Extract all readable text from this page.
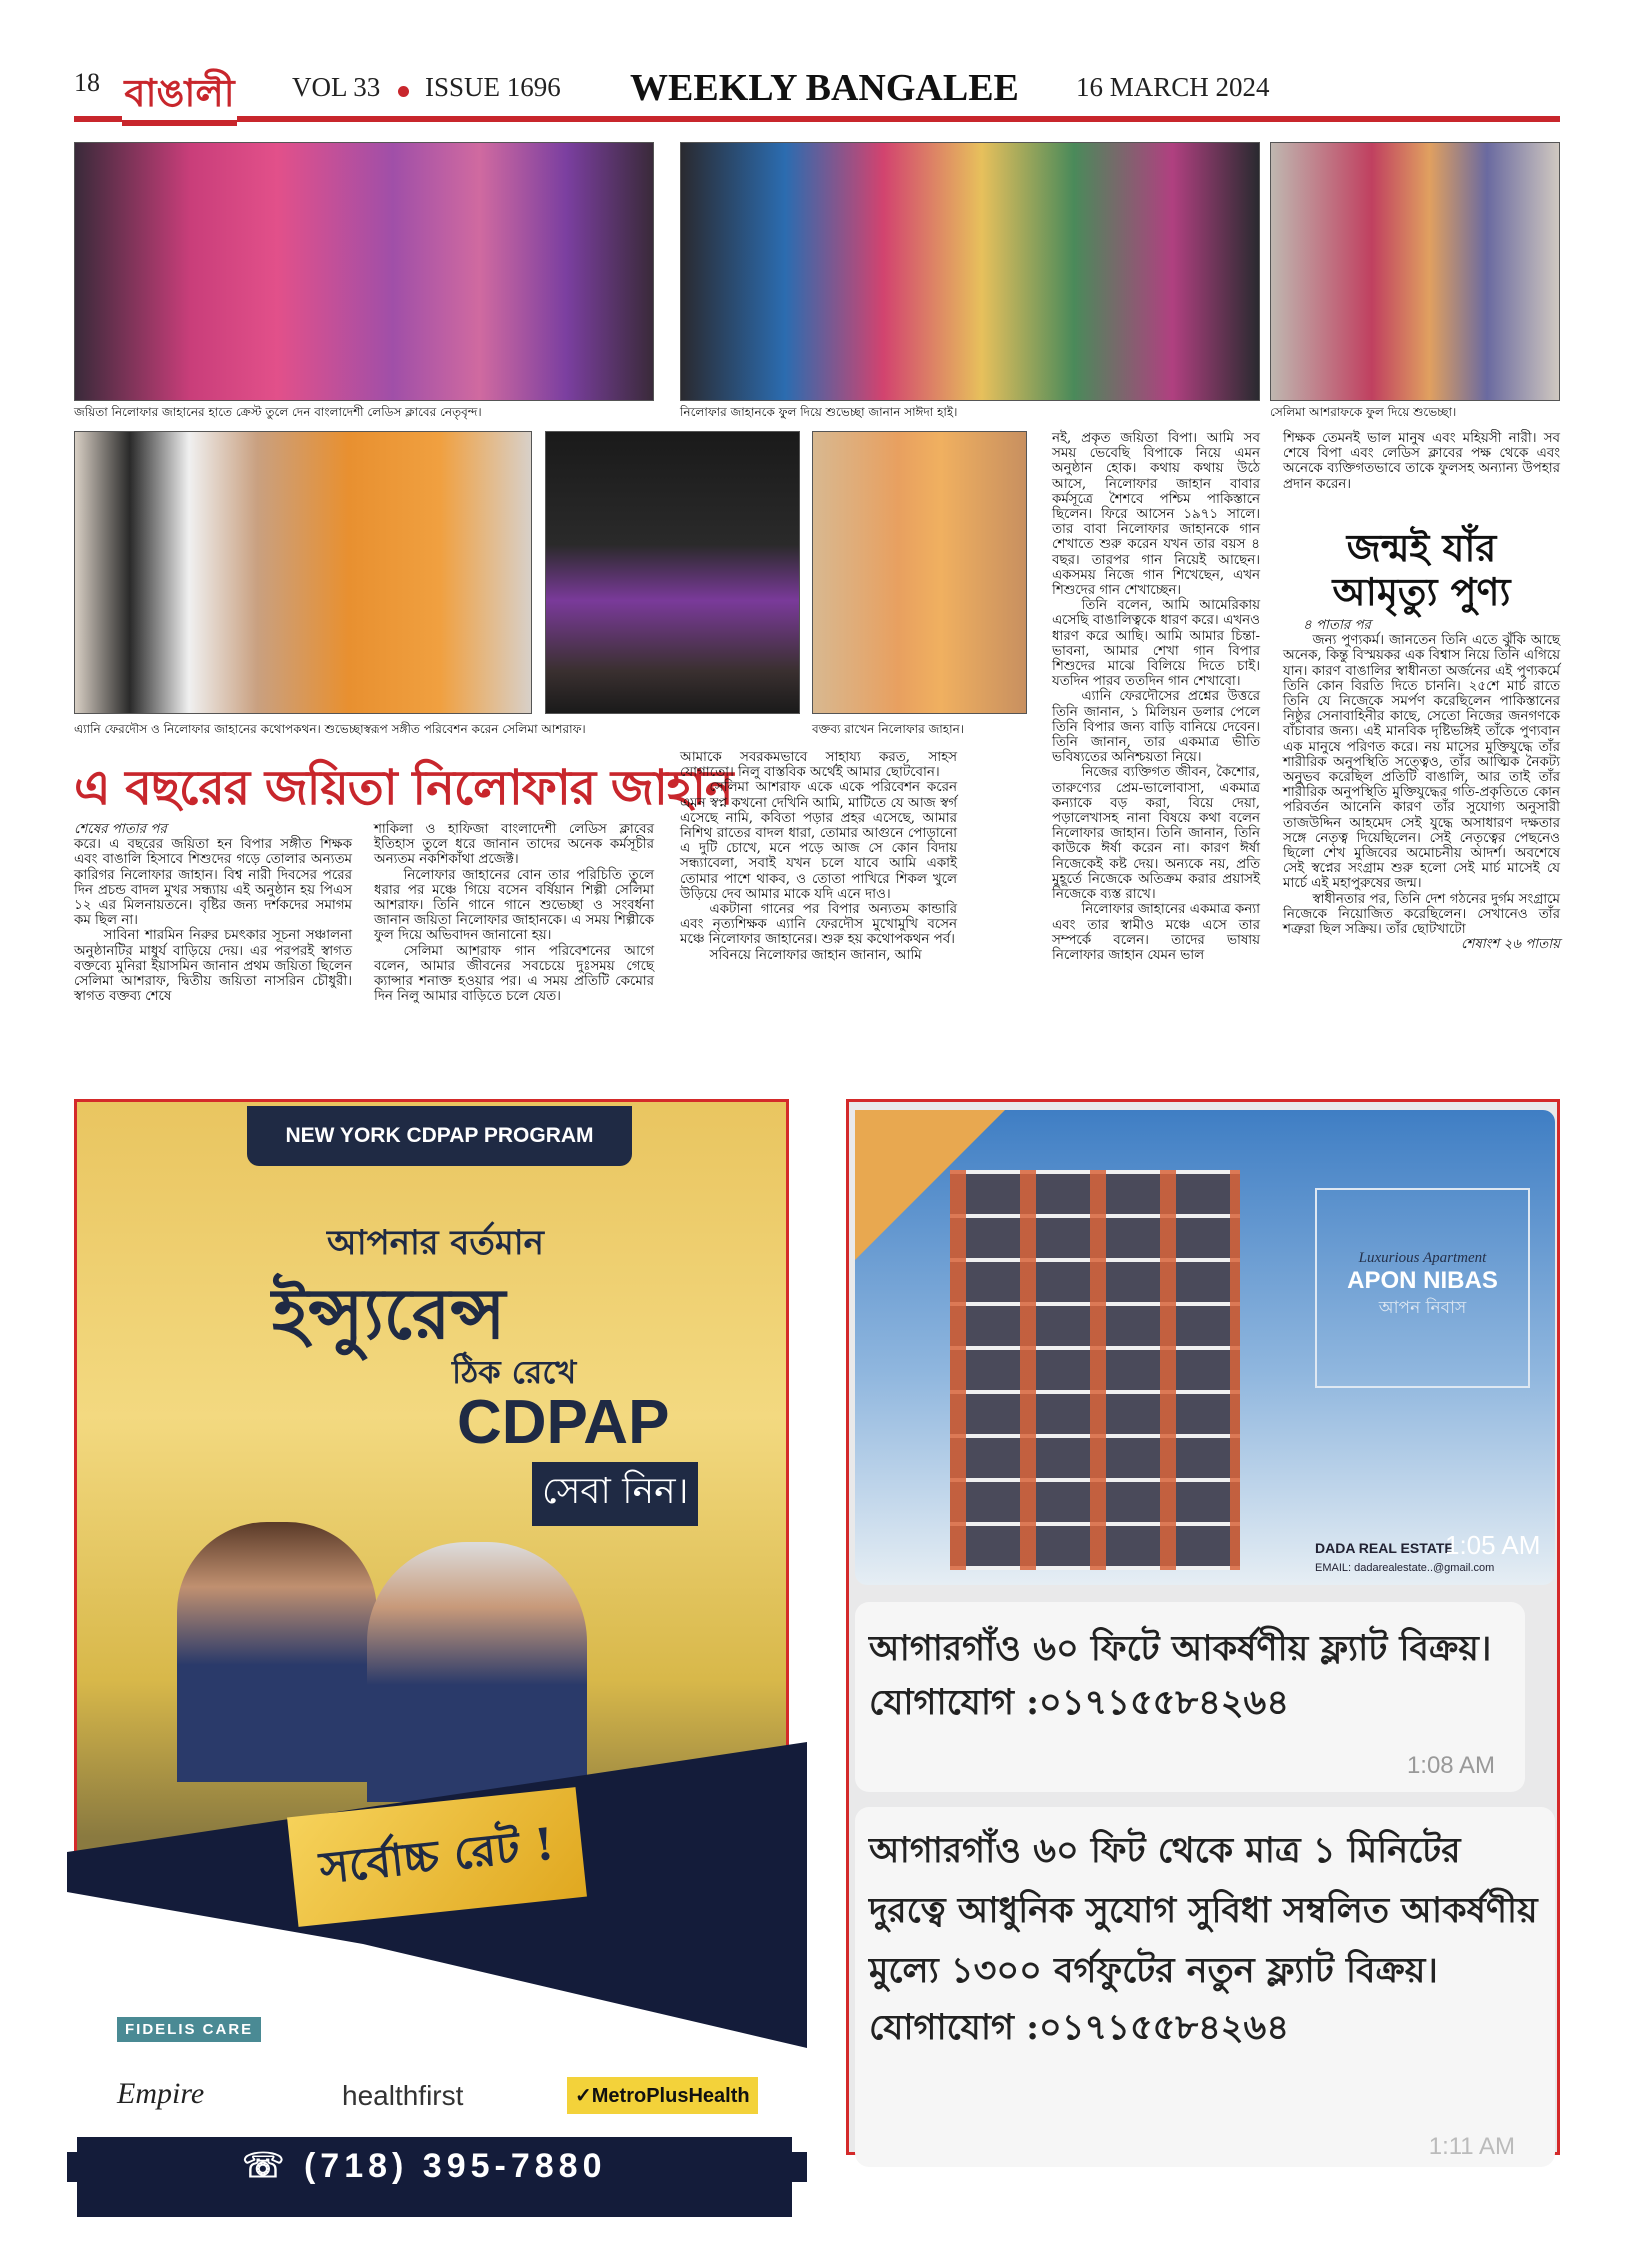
18 বাঙালী VOL 33 ISSUE 1696 WEEKLY BANGALEE 16 MARCH 2024
জয়িতা নিলোফার জাহানের হাতে ক্রেস্ট তুলে দেন বাংলাদেশী লেডিস ক্লাবের নেতৃবৃন্দ।	নিলোফার জাহানকে ফুল দিয়ে শুভেচ্ছা জানান সাঈদা হাই।	সেলিমা আশরাফকে ফুল দিয়ে শুভেচ্ছা।
এ্যানি ফেরদৌস ও নিলোফার জাহানের কথোপকথন। শুভেচ্ছাস্বরূপ সঙ্গীত পরিবেশন করেন সেলিমা আশরাফ।	বক্তব্য রাখেন নিলোফার জাহান।
এ বছরের জয়িতা নিলোফার জাহান

শেষের পাতার পর

করে। এ বছরের জয়িতা হন বিপার সঙ্গীত শিক্ষক এবং বাঙালি হিসাবে শিশুদের গড়ে তোলার অন্যতম কারিগর নিলোফার জাহান। বিশ্ব নারী দিবসের পরের দিন প্রচন্ড বাদল মুখর সন্ধ্যায় এই অনুষ্ঠান হয় পিএস ১২ এর মিলনায়তনে। বৃষ্টির জন্য দর্শকদের সমাগম কম ছিল না।

সাবিনা শারমিন নিরুর চমৎকার সূচনা সঞ্চালনা অনুষ্ঠানটির মাধুর্য বাড়িয়ে দেয়। এর পরপরই স্বাগত বক্তব্যে মুনিরা ইয়াসমিন জানান প্রথম জয়িতা ছিলেন সেলিমা আশরাফ, দ্বিতীয় জয়িতা নাসরিন চৌধুরী। স্বাগত বক্তব্য শেষে

শাকিলা ও হাফিজা বাংলাদেশী লেডিস ক্লাবের ইতিহাস তুলে ধরে জানান তাদের অনেক কর্মসূচীর অন্যতম নকশিকাঁথা প্রজেক্ট।

নিলোফার জাহানের বোন তার পরিচিতি তুলে ধরার পর মঞ্চে গিয়ে বসেন বর্ষিয়ান শিল্পী সেলিমা আশরাফ। তিনি গানে গানে শুভেচ্ছা ও সংবর্ধনা জানান জয়িতা নিলোফার জাহানকে। এ সময় শিল্পীকে ফুল দিয়ে অভিবাদন জানানো হয়।

সেলিমা আশরাফ গান পরিবেশনের আগে বলেন, আমার জীবনের সবচেয়ে দুঃসময় গেছে ক্যান্সার শনাক্ত হওয়ার পর। এ সময় প্রতিটি কেমোর দিন নিলু আমার বাড়িতে চলে যেত।

আমাকে সবরকমভাবে সাহায্য করত, সাহস যোগাতো। নিলু বাস্তবিক অর্থেই আমার ছোটবোন।

সেলিমা আশরাফ একে একে পরিবেশন করেন এমন স্বপ্ন কখনো দেখিনি আমি, মাটিতে যে আজ স্বর্গ এসেছে নামি, কবিতা পড়ার প্রহর এসেছে, আমার নিশিথ রাতের বাদল ধারা, তোমার আগুনে পোড়ানো এ দুটি চোখে, মনে পড়ে আজ সে কোন বিদায় সন্ধ্যাবেলা, সবাই যখন চলে যাবে আমি একাই তোমার পাশে থাকব, ও তোতা পাখিরে শিকল খুলে উড়িয়ে দেব আমার মাকে যদি এনে দাও।

একটানা গানের পর বিপার অন্যতম কান্ডারি এবং নৃত্যশিক্ষক এ্যানি ফেরদৌস মুখোমুখি বসেন মঞ্চে নিলোফার জাহানের। শুরু হয় কথোপকথন পর্ব।

সবিনয়ে নিলোফার জাহান জানান, আমি

নই, প্রকৃত জয়িতা বিপা। আমি সব সময় ভেবেছি বিপাকে নিয়ে এমন অনুষ্ঠান হোক। কথায় কথায় উঠে আসে, নিলোফার জাহান বাবার কর্মসূত্রে শৈশবে পশ্চিম পাকিস্তানে ছিলেন। ফিরে আসেন ১৯৭১ সালে। তার বাবা নিলোফার জাহানকে গান শেখাতে শুরু করেন যখন তার বয়স ৪ বছর। তারপর গান নিয়েই আছেন। একসময় নিজে গান শিখেছেন, এখন শিশুদের গান শেখাচ্ছেন।

তিনি বলেন, আমি আমেরিকায় এসেছি বাঙালিত্বকে ধারণ করে। এখনও ধারণ করে আছি। আমি আমার চিন্তা-ভাবনা, আমার শেখা গান বিপার শিশুদের মাঝে বিলিয়ে দিতে চাই। যতদিন পারব ততদিন গান শেখাবো।

এ্যানি ফেরদৌসের প্রশ্নের উত্তরে তিনি জানান, ১ মিলিয়ন ডলার পেলে তিনি বিপার জন্য বাড়ি বানিয়ে দেবেন। তিনি জানান, তার একমাত্র ভীতি ভবিষ্যতের অনিশ্চয়তা নিয়ে।

নিজের ব্যক্তিগত জীবন, কৈশোর, তারুণ্যের প্রেম-ভালোবাসা, একমাত্র কন্যাকে বড় করা, বিয়ে দেয়া, পড়ালেখাসহ নানা বিষয়ে কথা বলেন নিলোফার জাহান। তিনি জানান, তিনি কাউকে ঈর্ষা করেন না। কারণ ঈর্ষা নিজেকেই কষ্ট দেয়। অন্যকে নয়, প্রতি মুহূর্তে নিজেকে অতিক্রম করার প্রয়াসই নিজেকে ব্যস্ত রাখে।

নিলোফার জাহানের একমাত্র কন্যা এবং তার স্বামীও মঞ্চে এসে তার সম্পর্কে বলেন। তাদের ভাষায় নিলোফার জাহান যেমন ভাল

শিক্ষক তেমনই ভাল মানুষ এবং মহিয়সী নারী। সব শেষে বিপা এবং লেডিস ক্লাবের পক্ষ থেকে এবং অনেকে ব্যক্তিগতভাবে তাকে ফুলসহ অন্যান্য উপহার প্রদান করেন।

জন্মই যাঁর
আমৃত্যু পুণ্য

৪ পাতার পর

জন্য পুণ্যকর্ম। জানতেন তিনি এতে ঝুঁকি আছে অনেক, কিন্তু বিস্ময়কর এক বিশ্বাস নিয়ে তিনি এগিয়ে যান। কারণ বাঙালির স্বাধীনতা অর্জনের এই পুণ্যকর্মে তিনি কোন বিরতি দিতে চাননি। ২৫শে মার্চ রাতে তিনি যে নিজেকে সমর্পণ করেছিলেন পাকিস্তানের নিষ্ঠুর সেনাবাহিনীর কাছে, সেতো নিজের জনগণকে বাঁচাবার জন্য। এই মানবিক দৃষ্টিভঙ্গিই তাঁকে পুণ্যবান এক মানুষে পরিণত করে। নয় মাসের মুক্তিযুদ্ধে তাঁর শারীরিক অনুপস্থিতি সত্ত্বেও, তাঁর আত্মিক নৈকট্য অনুভব করেছিল প্রতিটি বাঙালি, আর তাই তাঁর শারীরিক অনুপস্থিতি মুক্তিযুদ্ধের গতি-প্রকৃতিতে কোন পরিবর্তন আনেনি কারণ তাঁর সুযোগ্য অনুসারী তাজউদ্দিন আহমেদ সেই যুদ্ধে অসাধারণ দক্ষতার সঙ্গে নেতৃত্ব দিয়েছিলেন। সেই নেতৃত্বের পেছনেও ছিলো শেখ মুজিবের অমোচনীয় আদর্শ। অবশেষে সেই স্বপ্নের সংগ্রাম শুরু হলো সেই মার্চ মাসেই যে মার্চে এই মহাপুরুষের জন্ম।

স্বাধীনতার পর, তিনি দেশ গঠনের দুর্গম সংগ্রামে নিজেকে নিয়োজিত করেছিলেন। সেখানেও তাঁর শত্রুরা ছিল সক্রিয়। তাঁর ছোটখাটো

শেষাংশ ২৬ পাতায়

NEW YORK CDPAP PROGRAM
আপনার বর্তমান
ইন্স্যুরেন্স
ঠিক রেখে
CDPAP
সেবা নিন।
সর্বোচ্চ রেট !
FIDELIS CARE
Empire	healthfirst	✓MetroPlusHealth
☏ (718) 395-7880
Luxurious Apartment
APON NIBAS
আপন নিবাস
DADA REAL ESTATE
EMAIL: dadarealestate..@gmail.com
1:05 AM
আগারগাঁও ৬০ ফিটে আকর্ষণীয় ফ্ল্যাট বিক্রয়। যোগাযোগ :০১৭১৫৫৮৪২৬৪
1:08 AM
আগারগাঁও ৬০ ফিট থেকে মাত্র ১ মিনিটের দুরত্বে আধুনিক সুযোগ সুবিধা সম্বলিত আকর্ষণীয় মুল্যে ১৩০০ বর্গফুটের নতুন ফ্ল্যাট বিক্রয়।
যোগাযোগ :০১৭১৫৫৮৪২৬৪
1:11 AM
